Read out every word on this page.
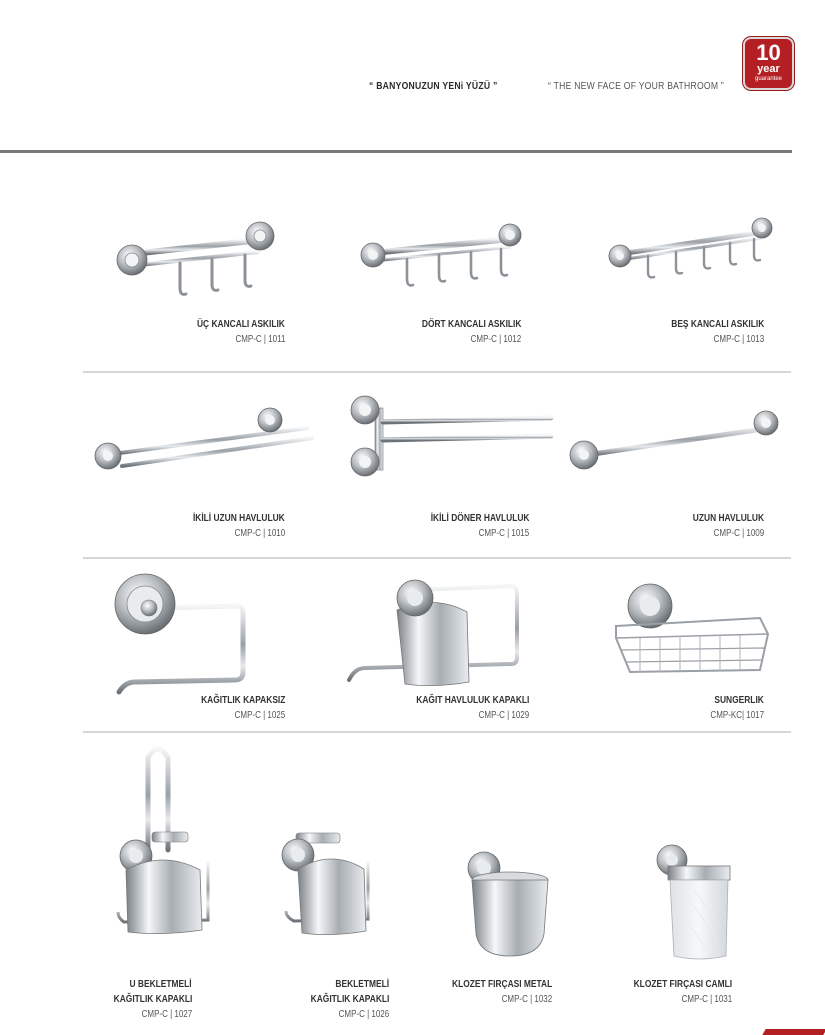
“ BANYONUZUN YENi YÜZÜ ”	“ THE NEW FACE OF YOUR BATHROOM ”
10
year
guarantee
ÜÇ KANCALI ASKILIK
CMP-C | 1011
DÖRT KANCALI ASKILIK
CMP-C | 1012
BEŞ KANCALI ASKILIK
CMP-C | 1013
İKİLİ UZUN HAVLULUK
CMP-C | 1010
İKİLİ DÖNER HAVLULUK
CMP-C | 1015
UZUN HAVLULUK
CMP-C | 1009
KAĞITLIK KAPAKSIZ
CMP-C | 1025
KAĞIT HAVLULUK KAPAKLI
CMP-C | 1029
SUNGERLIK
CMP-KC| 1017
U BEKLETMELİ
KAĞITLIK KAPAKLI
CMP-C | 1027
BEKLETMELİ
KAĞITLIK KAPAKLI
CMP-C | 1026
KLOZET FIRÇASI METAL
CMP-C | 1032
KLOZET FIRÇASI CAMLI
CMP-C | 1031
